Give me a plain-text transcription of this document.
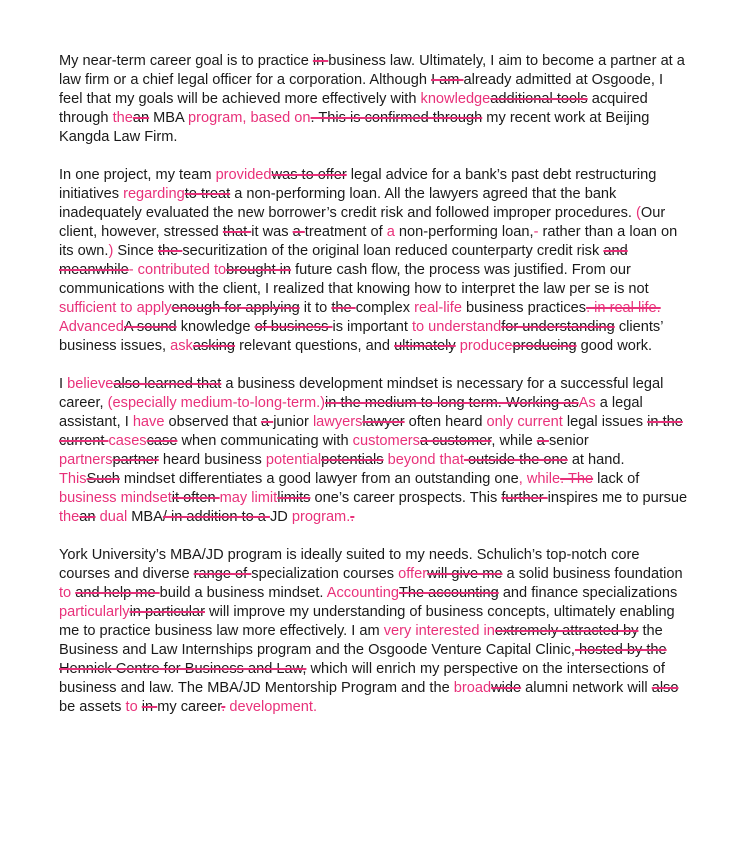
My near-term career goal is to practice in business law. Ultimately, I aim to become a partner at a law firm or a chief legal officer for a corporation. Although I am already admitted at Osgoode, I feel that my goals will be achieved more effectively with knowledgeadditional tools acquired through thean MBA program, based on. This is confirmed through my recent work at Beijing Kangda Law Firm.

In one project, my team providedwas to offer legal advice for a bank’s past debt restructuring initiatives regardingto treat a non-performing loan. All the lawyers agreed that the bank inadequately evaluated the new borrower’s credit risk and followed improper procedures. (Our client, however, stressed that it was a treatment of a non-performing loan,- rather than a loan on its own.) Since the securitization of the original loan reduced counterparty credit risk and meanwhile- contributed tobrought in future cash flow, the process was justified. From our communications with the client, I realized that knowing how to interpret the law per se is not sufficient to applyenough for applying it to the complex real-life business practices. in real life. AdvancedA sound knowledge of business is important to understandfor understanding clients’ business issues, askasking relevant questions, and ultimately produceproducing good work.

I believealso learned that a business development mindset is necessary for a successful legal career, (especially medium-to-long-term.)in the medium to long term. Working asAs a legal assistant, I have observed that a junior lawyerslawyer often heard only current legal issues in the current casescase when communicating with customersa customer, while a senior partnerspartner heard business potentialpotentials beyond that outside the one at hand. ThisSuch mindset differentiates a good lawyer from an outstanding one, while. The lack of business mindsetit often may limitlimits one’s career prospects. This further inspires me to pursue thean dual MBA/ in addition to a JD program..

York University’s MBA/JD program is ideally suited to my needs. Schulich’s top-notch core courses and diverse range of specialization courses offerwill give me a solid business foundation to and help me build a business mindset. AccountingThe accounting and finance specializations particularlyin particular will improve my understanding of business concepts, ultimately enabling me to practice business law more effectively. I am very interested inextremely attracted by the Business and Law Internships program and the Osgoode Venture Capital Clinic, hosted by the Hennick Centre for Business and Law, which will enrich my perspective on the intersections of business and law. The MBA/JD Mentorship Program and the broadwide alumni network will also be assets to in my career. development.
